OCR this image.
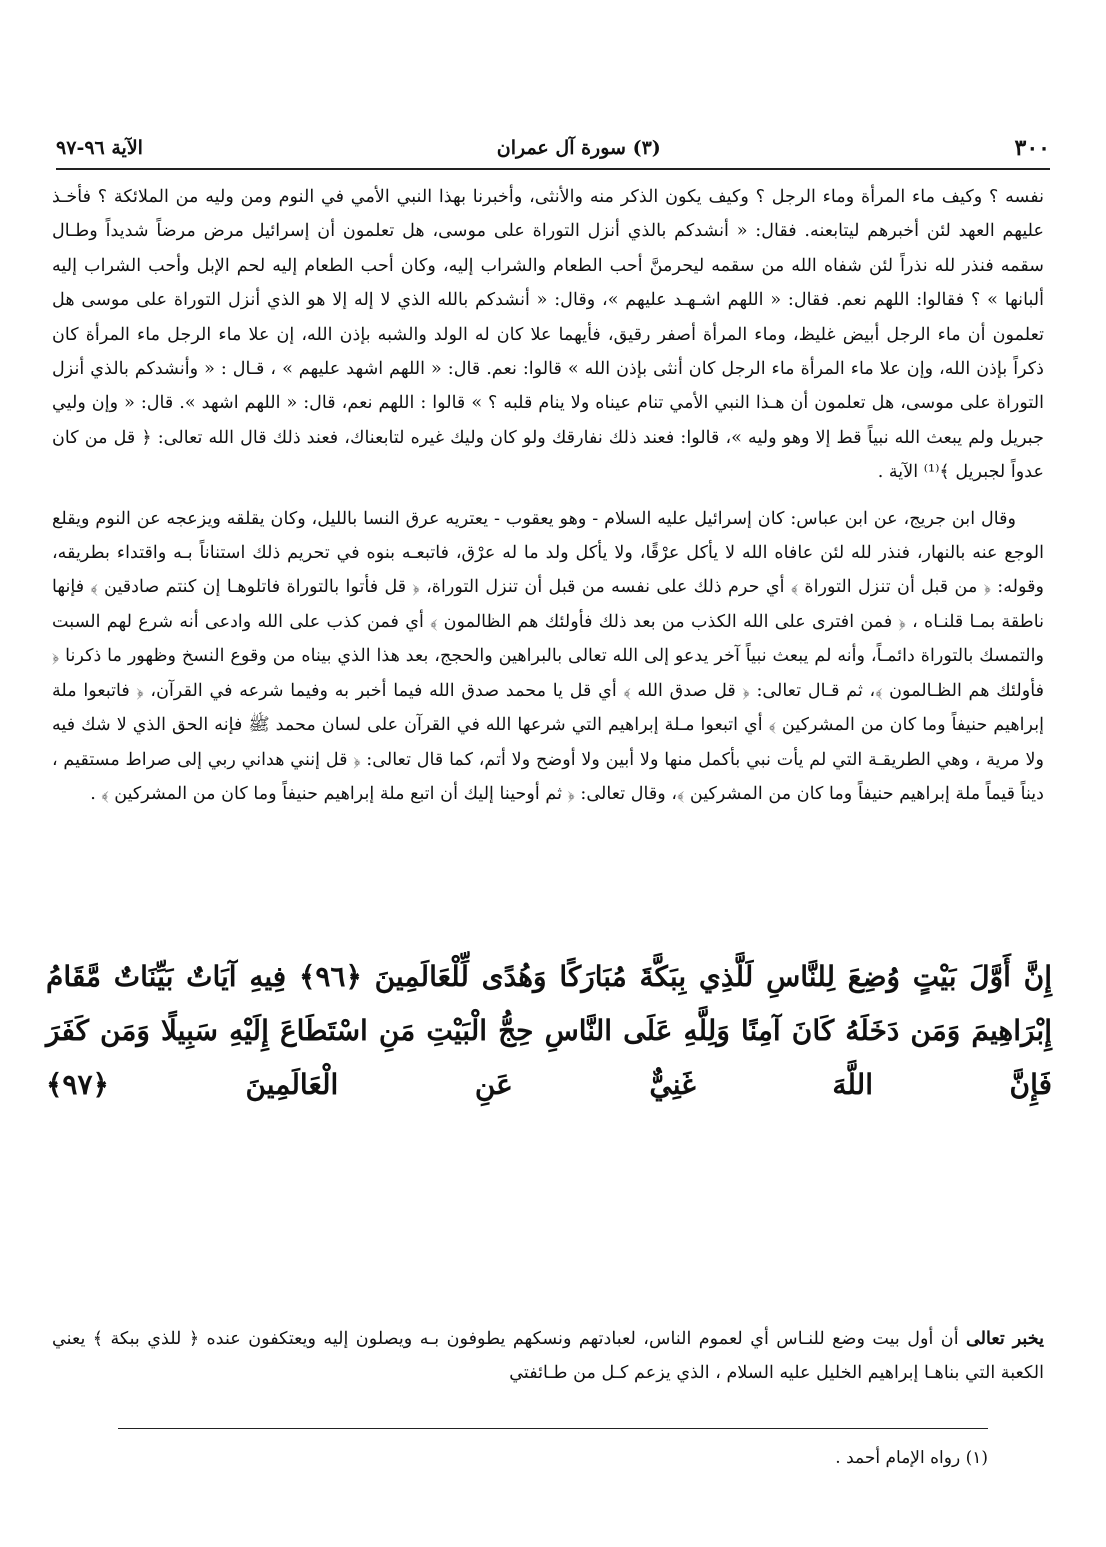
٣٠٠
(٣) سورة آل عمران
الآية ٩٦-٩٧

نفسه ؟ وكيف ماء المرأة وماء الرجل ؟ وكيف يكون الذكر منه والأنثى، وأخبرنا بهذا النبي الأمي في النوم ومن وليه من الملائكة ؟ فأخـذ عليهم العهد لئن أخبرهم ليتابعنه. فقال: « أنشدكم بالذي أنزل التوراة على موسى، هل تعلمون أن إسرائيل مرض مرضاً شديداً وطـال سقمه فنذر لله نذراً لئن شفاه الله من سقمه ليحرمنَّ أحب الطعام والشراب إليه، وكان أحب الطعام إليه لحم الإبل وأحب الشراب إليه ألبانها » ؟ فقالوا: اللهم نعم. فقال: « اللهم اشـهـد عليهم »، وقال: « أنشدكم بالله الذي لا إله إلا هو الذي أنزل التوراة على موسى هل تعلمون أن ماء الرجل أبيض غليظ، وماء المرأة أصفر رقيق، فأيهما علا كان له الولد والشبه بإذن الله، إن علا ماء الرجل ماء المرأة كان ذكراً بإذن الله، وإن علا ماء المرأة ماء الرجل كان أنثى بإذن الله » قالوا: نعم. قال: « اللهم اشهد عليهم » ، قـال : « وأنشدكم بالذي أنزل التوراة على موسى، هل تعلمون أن هـذا النبي الأمي تنام عيناه ولا ينام قلبه ؟ » قالوا : اللهم نعم، قال: « اللهم اشهد ». قال: « وإن وليي جبريل ولم يبعث الله نبياً قط إلا وهو وليه »، قالوا: فعند ذلك نفارقك ولو كان وليك غيره لتابعناك، فعند ذلك قال الله تعالى: ﴿ قل من كان عدواً لجبريل ﴾⁽¹⁾ الآية .

وقال ابن جريج، عن ابن عباس: كان إسرائيل عليه السلام - وهو يعقوب - يعتريه عرق النسا بالليل، وكان يقلقه ويزعجه عن النوم ويقلع الوجع عنه بالنهار، فنذر لله لئن عافاه الله لا يأكل عرْقًا، ولا يأكل ولد ما له عرْق، فاتبعـه بنوه في تحريم ذلك استناناً بـه واقتداء بطريقه، وقوله: ﴿ من قبل أن تنزل التوراة ﴾ أي حرم ذلك على نفسه من قبل أن تنزل التوراة، ﴿ قل فأتوا بالتوراة فاتلوهـا إن كنتم صادقين ﴾ فإنها ناطقة بمـا قلنـاه ، ﴿ فمن افترى على الله الكذب من بعد ذلك فأولئك هم الظالمون ﴾ أي فمن كذب على الله وادعى أنه شرع لهم السبت والتمسك بالتوراة دائمـاً، وأنه لم يبعث نبياً آخر يدعو إلى الله تعالى بالبراهين والحجج، بعد هذا الذي بيناه من وقوع النسخ وظهور ما ذكرنا ﴿ فأولئك هم الظـالمون ﴾، ثم قـال تعالى: ﴿ قل صدق الله ﴾ أي قل يا محمد صدق الله فيما أخبر به وفيما شرعه في القرآن، ﴿ فاتبعوا ملة إبراهيم حنيفاً وما كان من المشركين ﴾ أي اتبعوا مـلة إبراهيم التي شرعها الله في القرآن على لسان محمد ﷺ فإنه الحق الذي لا شك فيه ولا مرية ، وهي الطريقـة التي لم يأت نبي بأكمل منها ولا أبين ولا أوضح ولا أتم، كما قال تعالى: ﴿ قل إنني هداني ربي إلى صراط مستقيم ، ديناً قيماً ملة إبراهيم حنيفاً وما كان من المشركين ﴾، وقال تعالى: ﴿ ثم أوحينا إليك أن اتبع ملة إبراهيم حنيفاً وما كان من المشركين ﴾ .

إِنَّ أَوَّلَ بَيْتٍ وُضِعَ لِلنَّاسِ لَلَّذِي بِبَكَّةَ مُبَارَكًا وَهُدًى لِّلْعَالَمِينَ ﴿٩٦﴾ فِيهِ آيَاتٌ بَيِّنَاتٌ مَّقَامُ إِبْرَاهِيمَ وَمَن دَخَلَهُ كَانَ آمِنًا وَلِلَّهِ عَلَى النَّاسِ حِجُّ الْبَيْتِ مَنِ اسْتَطَاعَ إِلَيْهِ سَبِيلًا وَمَن كَفَرَ فَإِنَّ اللَّهَ غَنِيٌّ عَنِ الْعَالَمِينَ ﴿٩٧﴾
يخبر تعالى أن أول بيت وضع للنـاس أي لعموم الناس، لعبادتهم ونسكهم يطوفون بـه ويصلون إليه ويعتكفون عنده ﴿ للذي ببكة ﴾ يعني الكعبة التي بناهـا إبراهيم الخليل عليه السلام ، الذي يزعم كـل من طـائفتي
(١) رواه الإمام أحمد .
